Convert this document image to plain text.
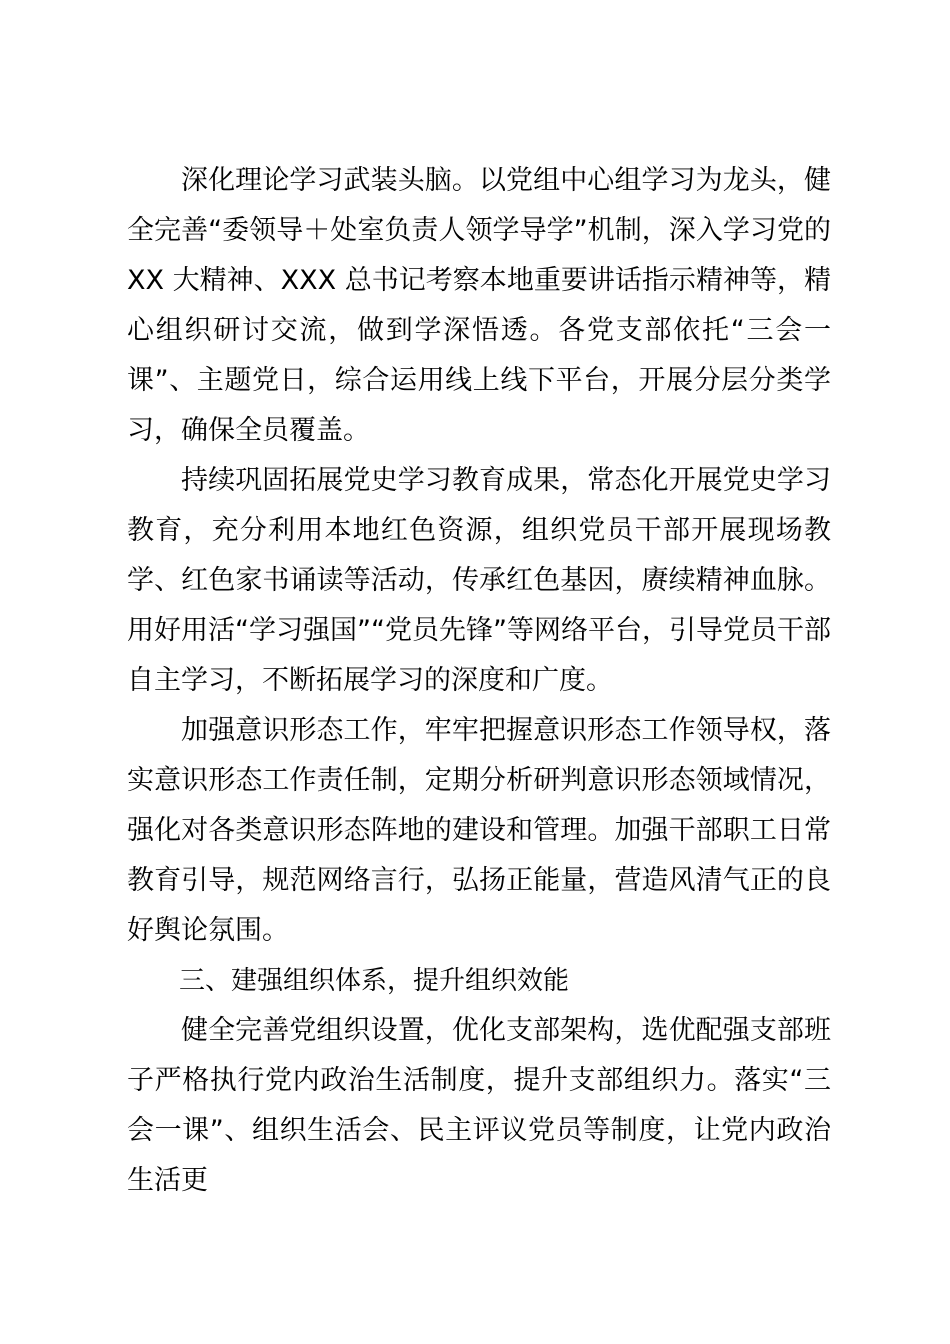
深化理论学习武装头脑。以党组中心组学习为龙头，健全完善“委领导＋处室负责人领学导学”机制，深入学习党的 XX 大精神、XXX 总书记考察本地重要讲话指示精神等，精心组织研讨交流，做到学深悟透。各党支部依托“三会一课”、主题党日，综合运用线上线下平台，开展分层分类学习，确保全员覆盖。

持续巩固拓展党史学习教育成果，常态化开展党史学习教育，充分利用本地红色资源，组织党员干部开展现场教学、红色家书诵读等活动，传承红色基因，赓续精神血脉。用好用活“学习强国”“党员先锋”等网络平台，引导党员干部自主学习，不断拓展学习的深度和广度。

加强意识形态工作，牢牢把握意识形态工作领导权，落实意识形态工作责任制，定期分析研判意识形态领域情况，强化对各类意识形态阵地的建设和管理。加强干部职工日常教育引导，规范网络言行，弘扬正能量，营造风清气正的良好舆论氛围。

三、建强组织体系，提升组织效能

健全完善党组织设置，优化支部架构，选优配强支部班子严格执行党内政治生活制度，提升支部组织力。落实“三会一课”、组织生活会、民主评议党员等制度，让党内政治生活更
